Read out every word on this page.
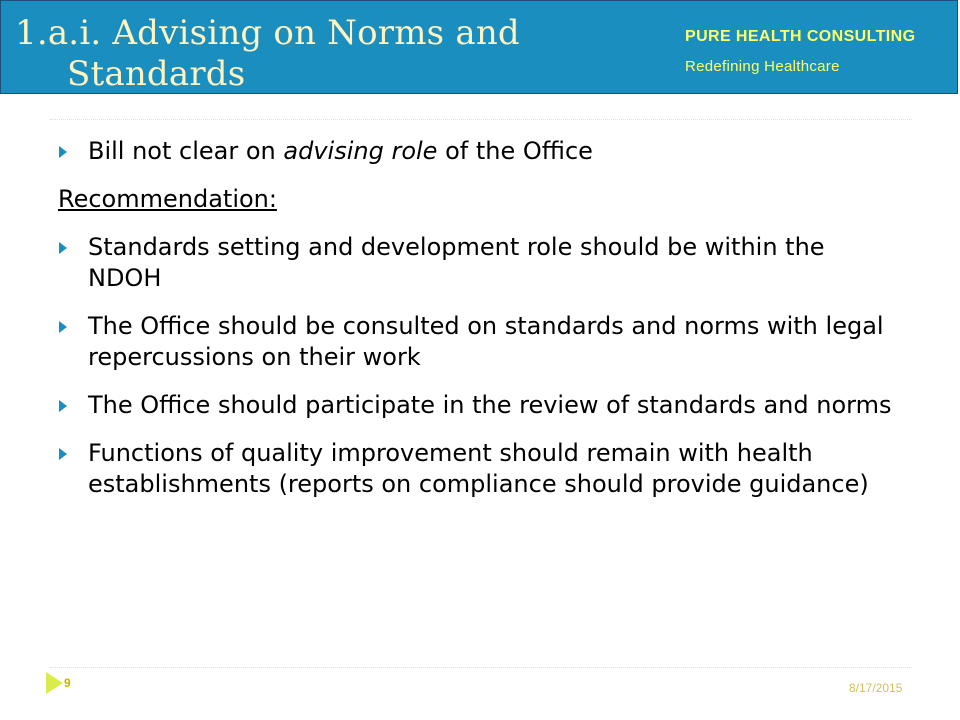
1.a.i. Advising on Norms and
Standards
PURE HEALTH CONSULTING
Redefining Healthcare
Bill not clear on advising role of the Office
Recommendation:
Standards setting and development role should be within the NDOH
The Office should be consulted on standards and norms with legal repercussions on their work
The Office should participate in the review of standards and norms
Functions of quality improvement should remain with health establishments (reports on compliance should provide guidance)
9	8/17/2015
